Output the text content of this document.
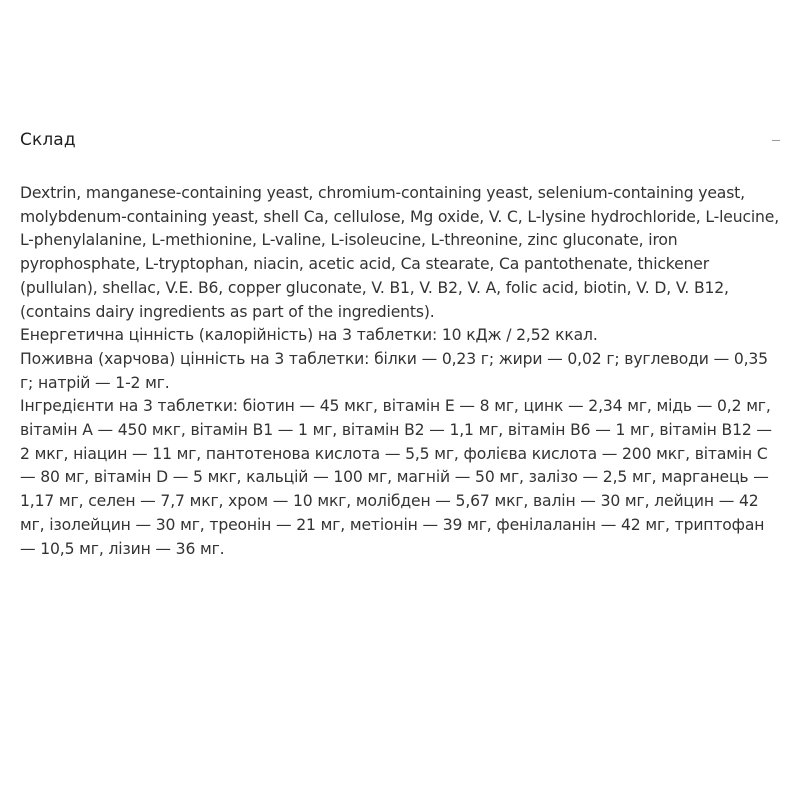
Склад

Dextrin, manganese-containing yeast, chromium-containing yeast, selenium-containing yeast, molybdenum-containing yeast, shell Ca, cellulose, Mg oxide, V. C, L-lysine hydrochloride, L-leucine, L-phenylalanine, L-methionine, L-valine, L-isoleucine, L-threonine, zinc gluconate, iron pyrophosphate, L-tryptophan, niacin, acetic acid, Ca stearate, Ca pantothenate, thickener (pullulan), shellac, V.E. B6, copper gluconate, V. B1, V. B2, V. A, folic acid, biotin, V. D, V. B12, (contains dairy ingredients as part of the ingredients).

Енергетична цінність (калорійність) на 3 таблетки: 10 кДж / 2,52 ккал.

Поживна (харчова) цінність на 3 таблетки: білки — 0,23 г; жири — 0,02 г; вуглеводи — 0,35 г; натрій — 1-2 мг.

Інгредієнти на 3 таблетки: біотин — 45 мкг, вітамін E — 8 мг, цинк — 2,34 мг, мідь — 0,2 мг, вітамін A — 450 мкг, вітамін B1 — 1 мг, вітамін B2 — 1,1 мг, вітамін B6 — 1 мг, вітамін B12 — 2 мкг, ніацин — 11 мг, пантотенова кислота — 5,5 мг, фолієва кислота — 200 мкг, вітамін C — 80 мг, вітамін D — 5 мкг, кальцій — 100 мг, магній — 50 мг, залізо — 2,5 мг, марганець — 1,17 мг, селен — 7,7 мкг, хром — 10 мкг, молібден — 5,67 мкг, валін — 30 мг, лейцин — 42 мг, ізолейцин — 30 мг, треонін — 21 мг, метіонін — 39 мг, фенілаланін — 42 мг, триптофан — 10,5 мг, лізин — 36 мг.
